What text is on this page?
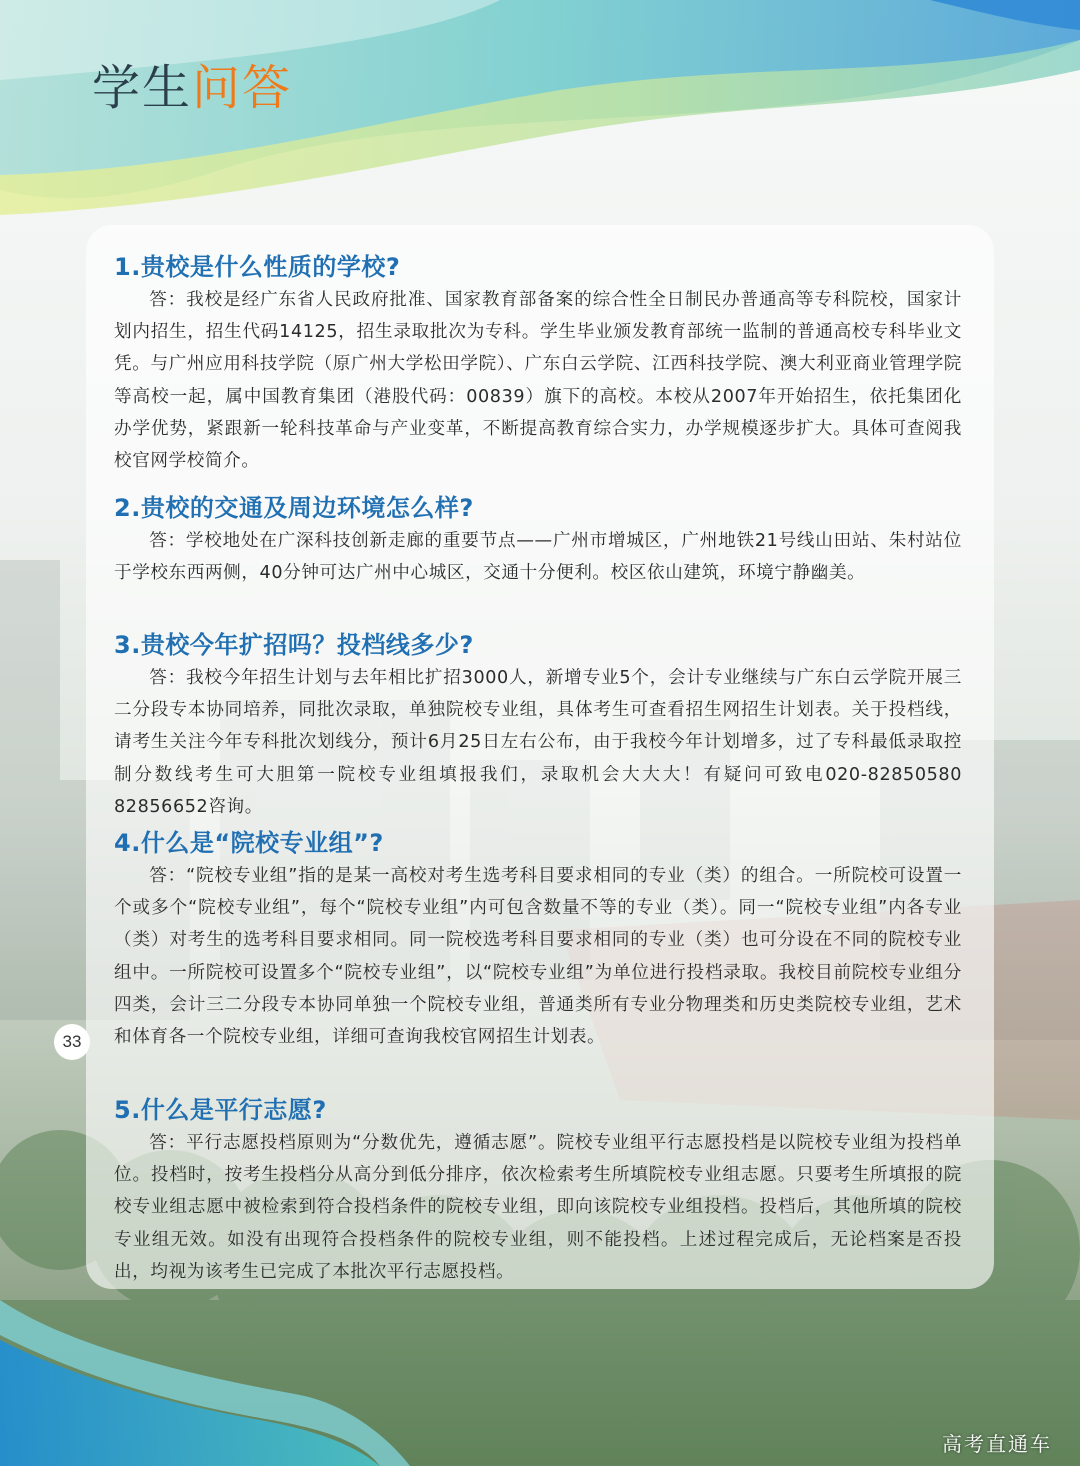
学生问答
1.贵校是什么性质的学校?

答：我校是经广东省人民政府批准、国家教育部备案的综合性全日制民办普通高等专科院校，国家计划内招生，招生代码14125，招生录取批次为专科。学生毕业颁发教育部统一监制的普通高校专科毕业文凭。与广州应用科技学院（原广州大学松田学院）、广东白云学院、江西科技学院、澳大利亚商业管理学院等高校一起，属中国教育集团（港股代码：00839）旗下的高校。本校从2007年开始招生，依托集团化办学优势，紧跟新一轮科技革命与产业变革，不断提高教育综合实力，办学规模逐步扩大。具体可查阅我校官网学校简介。

2.贵校的交通及周边环境怎么样?

答：学校地处在广深科技创新走廊的重要节点——广州市增城区，广州地铁21号线山田站、朱村站位于学校东西两侧，40分钟可达广州中心城区，交通十分便利。校区依山建筑，环境宁静幽美。

3.贵校今年扩招吗？投档线多少?

答：我校今年招生计划与去年相比扩招3000人，新增专业5个，会计专业继续与广东白云学院开展三二分段专本协同培养，同批次录取，单独院校专业组，具体考生可查看招生网招生计划表。关于投档线，请考生关注今年专科批次划线分，预计6月25日左右公布，由于我校今年计划增多，过了专科最低录取控制分数线考生可大胆第一院校专业组填报我们，录取机会大大大！有疑问可致电020-82850580 82856652咨询。

4.什么是“院校专业组”?

答：“院校专业组”指的是某一高校对考生选考科目要求相同的专业（类）的组合。一所院校可设置一个或多个“院校专业组”，每个“院校专业组”内可包含数量不等的专业（类）。同一“院校专业组”内各专业（类）对考生的选考科目要求相同。同一院校选考科目要求相同的专业（类）也可分设在不同的院校专业组中。一所院校可设置多个“院校专业组”，以“院校专业组”为单位进行投档录取。我校目前院校专业组分四类，会计三二分段专本协同单独一个院校专业组，普通类所有专业分物理类和历史类院校专业组，艺术和体育各一个院校专业组，详细可查询我校官网招生计划表。

5.什么是平行志愿?

答：平行志愿投档原则为“分数优先，遵循志愿”。院校专业组平行志愿投档是以院校专业组为投档单位。投档时，按考生投档分从高分到低分排序，依次检索考生所填院校专业组志愿。只要考生所填报的院校专业组志愿中被检索到符合投档条件的院校专业组，即向该院校专业组投档。投档后，其他所填的院校专业组无效。如没有出现符合投档条件的院校专业组，则不能投档。上述过程完成后，无论档案是否投出，均视为该考生已完成了本批次平行志愿投档。

33
高考直通车
